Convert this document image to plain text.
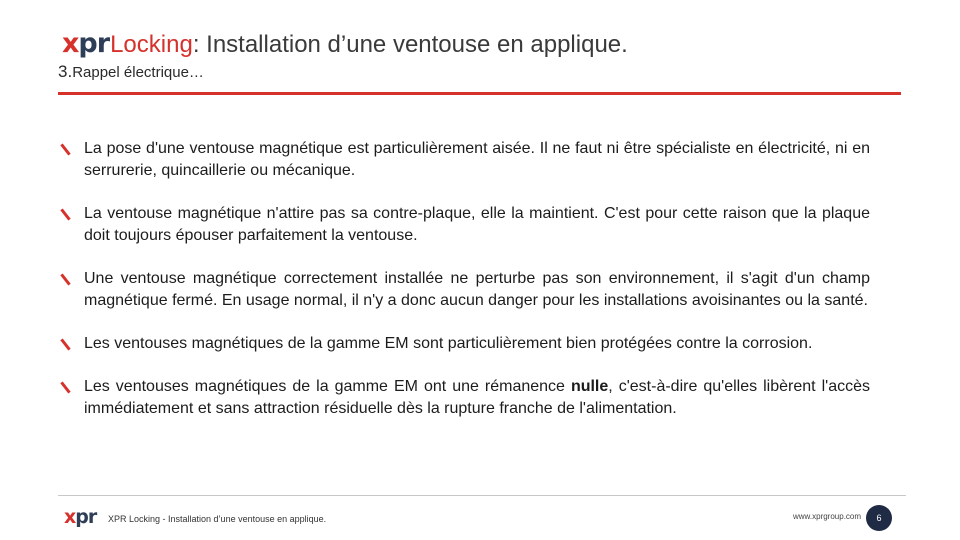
xpr Locking : Installation d’une ventouse en applique.
3.Rappel électrique…
La pose d'une ventouse magnétique est particulièrement aisée. Il ne faut ni être spécialiste en électricité, ni en serrurerie, quincaillerie ou mécanique.
La ventouse magnétique n'attire pas sa contre-plaque, elle la maintient. C'est pour cette raison que la plaque doit toujours épouser parfaitement la ventouse.
Une ventouse magnétique correctement installée ne perturbe pas son environnement, il s'agit d'un champ magnétique fermé. En usage normal, il n'y a donc aucun danger pour les installations avoisinantes ou la santé.
Les ventouses magnétiques de la gamme EM sont particulièrement bien protégées contre la corrosion.
Les ventouses magnétiques de la gamme EM ont une rémanence nulle, c'est-à-dire qu'elles libèrent l'accès immédiatement et sans attraction résiduelle dès la rupture franche de l'alimentation.
xpr XPR Locking - Installation d’une ventouse en applique.	www.xprgroup.com	6
